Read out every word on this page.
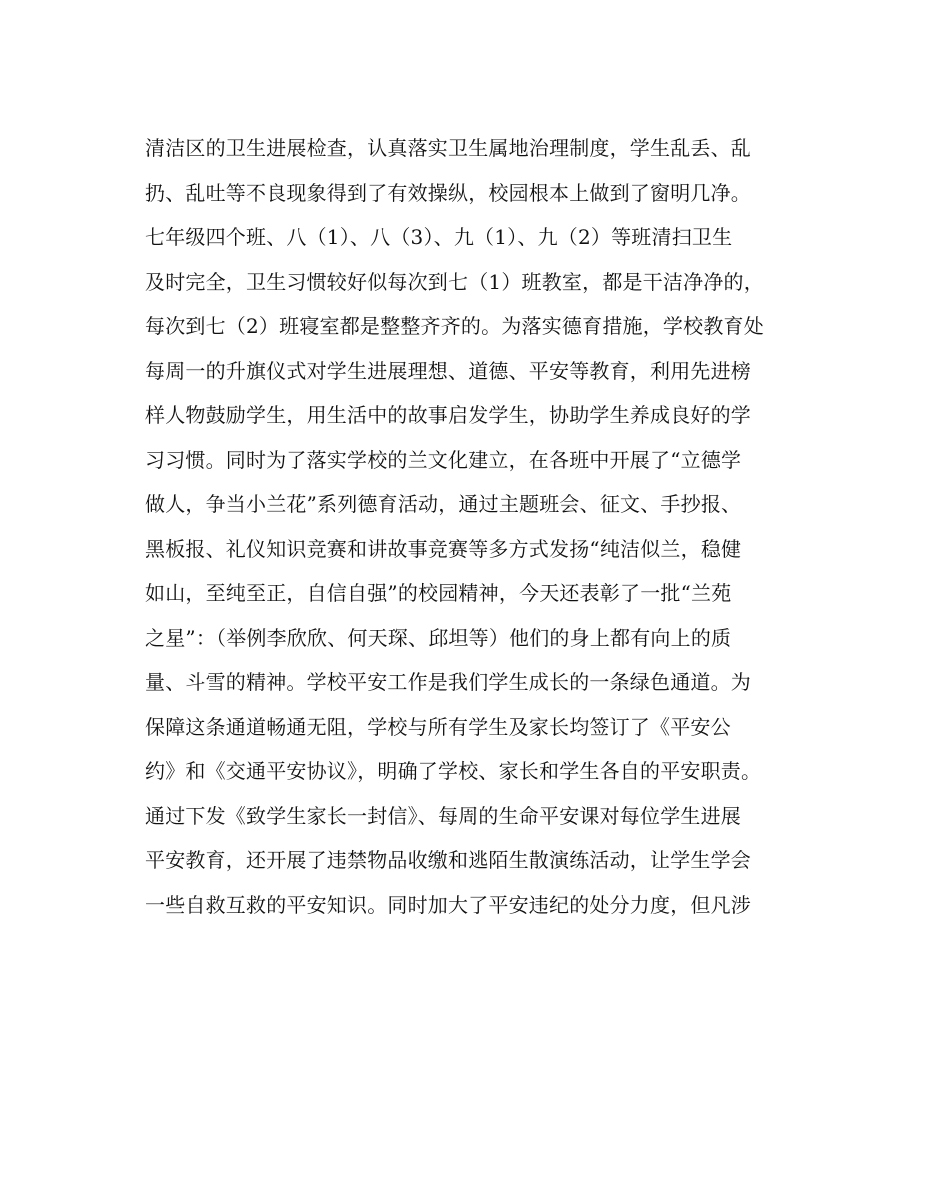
清洁区的卫生进展检查，认真落实卫生属地治理制度，学生乱丢、乱
扔、乱吐等不良现象得到了有效操纵，校园根本上做到了窗明几净。
七年级四个班、八（1）、八（3）、九（1）、九（2）等班清扫卫生
及时完全，卫生习惯较好似每次到七（1）班教室，都是干洁净净的，
每次到七（2）班寝室都是整整齐齐的。为落实德育措施，学校教育处
每周一的升旗仪式对学生进展理想、道德、平安等教育，利用先进榜
样人物鼓励学生，用生活中的故事启发学生，协助学生养成良好的学
习习惯。同时为了落实学校的兰文化建立，在各班中开展了“立德学
做人，争当小兰花”系列德育活动，通过主题班会、征文、手抄报、
黑板报、礼仪知识竞赛和讲故事竞赛等多方式发扬“纯洁似兰，稳健
如山，至纯至正，自信自强”的校园精神，今天还表彰了一批“兰苑
之星”：（举例李欣欣、何天琛、邱坦等）他们的身上都有向上的质
量、斗雪的精神。学校平安工作是我们学生成长的一条绿色通道。为
保障这条通道畅通无阻，学校与所有学生及家长均签订了《平安公
约》和《交通平安协议》，明确了学校、家长和学生各自的平安职责。
通过下发《致学生家长一封信》、每周的生命平安课对每位学生进展
平安教育，还开展了违禁物品收缴和逃陌生散演练活动，让学生学会
一些自救互救的平安知识。同时加大了平安违纪的处分力度，但凡涉
